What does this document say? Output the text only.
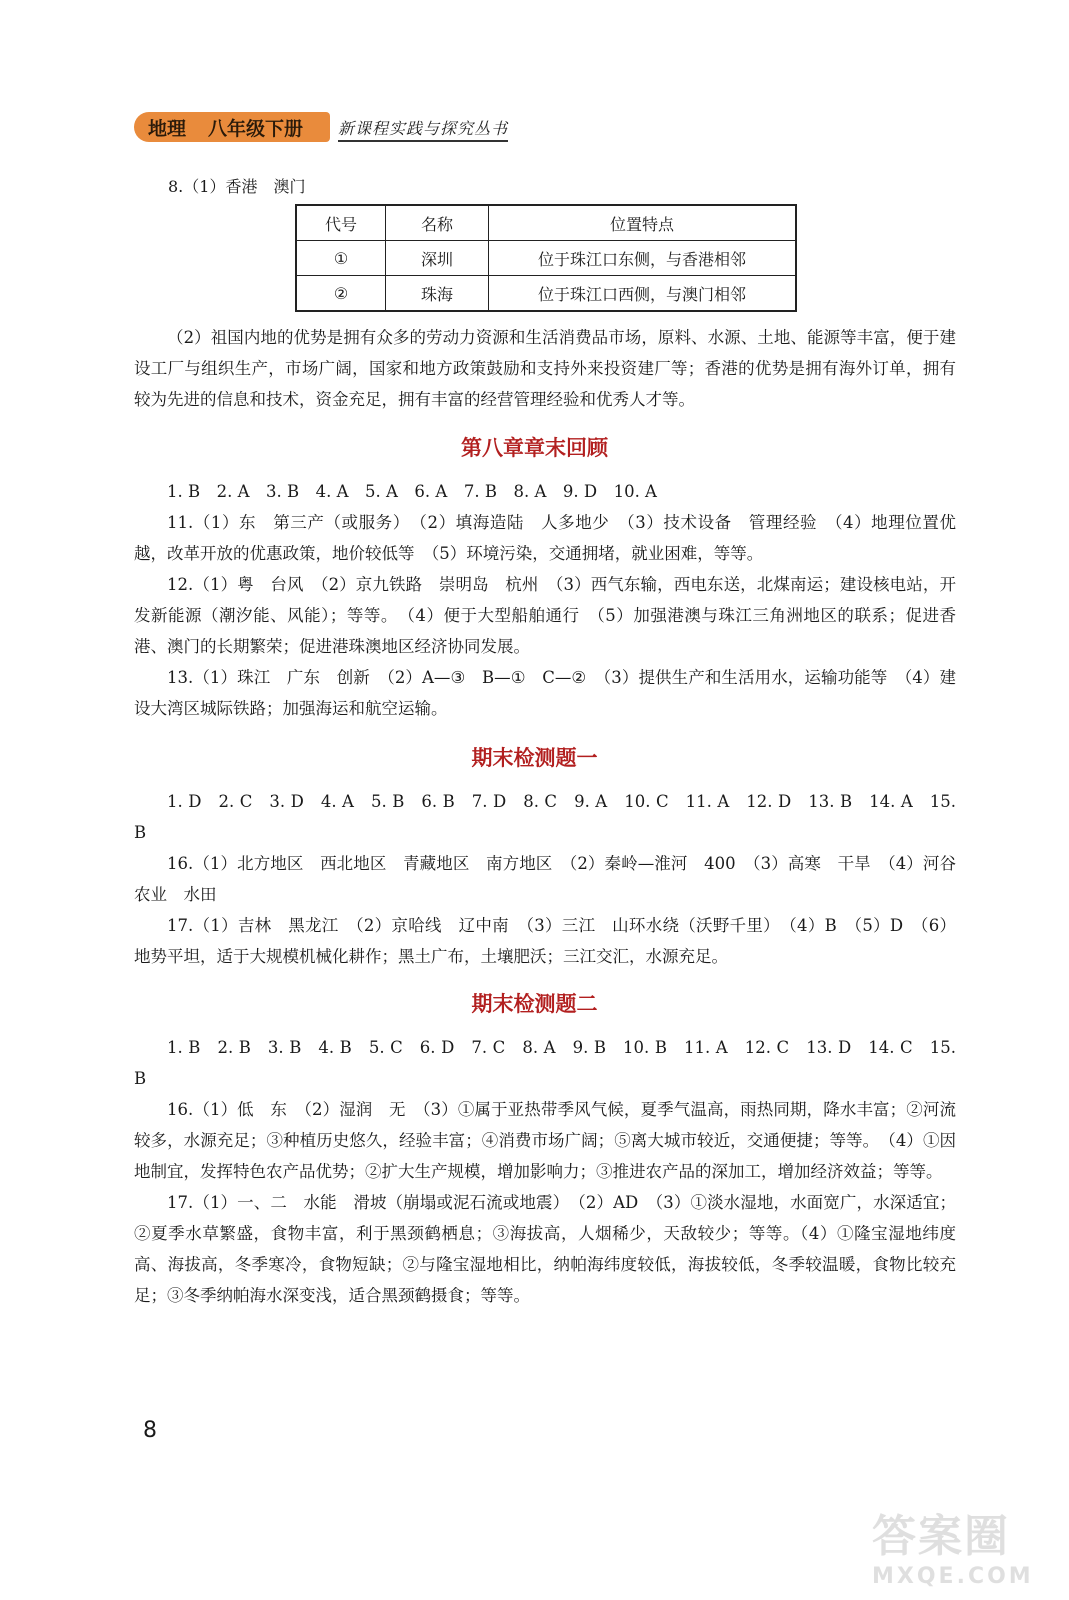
地理 八年级下册 新课程实践与探究丛书
8.（1）香港　澳门
代号	名称	位置特点
①	深圳	位于珠江口东侧，与香港相邻
②	珠海	位于珠江口西侧，与澳门相邻

（2）祖国内地的优势是拥有众多的劳动力资源和生活消费品市场，原料、水源、土地、能源等丰富，便于建设工厂与组织生产，市场广阔，国家和地方政策鼓励和支持外来投资建厂等；香港的优势是拥有海外订单，拥有较为先进的信息和技术，资金充足，拥有丰富的经营管理经验和优秀人才等。

第八章章末回顾

1. B　2. A　3. B　4. A　5. A　6. A　7. B　8. A　9. D　10. A

11.（1）东　第三产（或服务）　（2）填海造陆　人多地少　（3）技术设备　管理经验　（4）地理位置优越，改革开放的优惠政策，地价较低等　（5）环境污染，交通拥堵，就业困难，等等。

12.（1）粤　台风　（2）京九铁路　崇明岛　杭州　（3）西气东输，西电东送，北煤南运；建设核电站，开发新能源（潮汐能、风能）；等等。　（4）便于大型船舶通行　（5）加强港澳与珠江三角洲地区的联系；促进香港、澳门的长期繁荣；促进港珠澳地区经济协同发展。

13.（1）珠江　广东　创新　（2）A—③　B—①　C—②　（3）提供生产和生活用水，运输功能等　（4）建设大湾区城际铁路；加强海运和航空运输。

期末检测题一

1. D　2. C　3. D　4. A　5. B　6. B　7. D　8. C　9. A　10. C　11. A　12. D　13. B　14. A　15. B

16.（1）北方地区　西北地区　青藏地区　南方地区　（2）秦岭—淮河　400　（3）高寒　干旱　（4）河谷农业　水田

17.（1）吉林　黑龙江　（2）京哈线　辽中南　（3）三江　山环水绕（沃野千里）　（4）B　（5）D　（6）地势平坦，适于大规模机械化耕作；黑土广布，土壤肥沃；三江交汇，水源充足。

期末检测题二

1. B　2. B　3. B　4. B　5. C　6. D　7. C　8. A　9. B　10. B　11. A　12. C　13. D　14. C　15. B

16.（1）低　东　（2）湿润　无　（3）①属于亚热带季风气候，夏季气温高，雨热同期，降水丰富；②河流较多，水源充足；③种植历史悠久，经验丰富；④消费市场广阔；⑤离大城市较近，交通便捷；等等。　（4）①因地制宜，发挥特色农产品优势；②扩大生产规模，增加影响力；③推进农产品的深加工，增加经济效益；等等。

17.（1）一、二　水能　滑坡（崩塌或泥石流或地震）　（2）AD　（3）①淡水湿地，水面宽广，水深适宜；②夏季水草繁盛，食物丰富，利于黑颈鹤栖息；③海拔高，人烟稀少，天敌较少；等等。（4）①隆宝湿地纬度高、海拔高，冬季寒冷，食物短缺；②与隆宝湿地相比，纳帕海纬度较低，海拔较低，冬季较温暖，食物比较充足；③冬季纳帕海水深变浅，适合黑颈鹤摄食；等等。

8
答案圈
MXQE.COM
